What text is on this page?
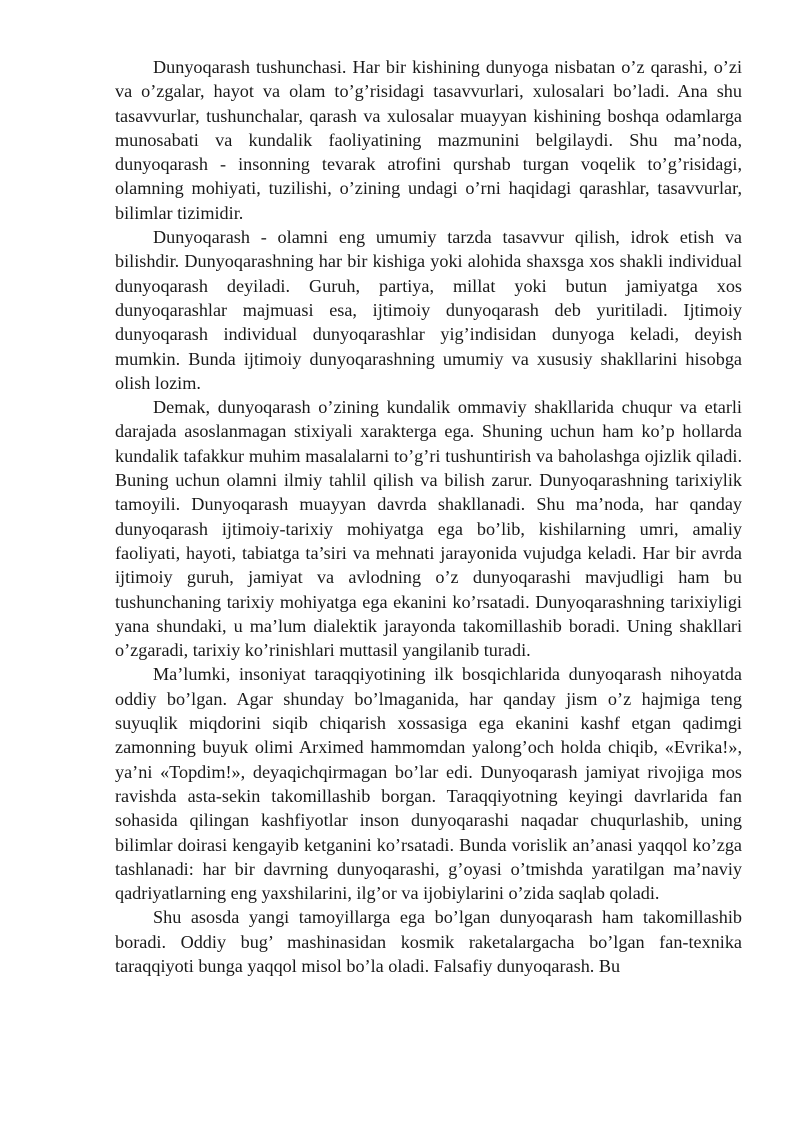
Dunyoqarash tushunchasi. Har bir kishining dunyoga nisbatan o’z qarashi, o’zi va o’zgalar, hayot va olam to’g’risidagi tasavvurlari, xulosalari bo’ladi. Ana shu tasavvurlar, tushunchalar, qarash va xulosalar muayyan kishining boshqa odamlarga munosabati va kundalik faoliyatining mazmunini belgilaydi. Shu ma’noda, dunyoqarash - insonning tevarak atrofini qurshab turgan voqelik to’g’risidagi, olamning mohiyati, tuzilishi, o’zining undagi o’rni haqidagi qarashlar, tasavvurlar, bilimlar tizimidir.

Dunyoqarash - olamni eng umumiy tarzda tasavvur qilish, idrok etish va bilishdir. Dunyoqarashning har bir kishiga yoki alohida shaxsga xos shakli individual dunyoqarash deyiladi. Guruh, partiya, millat yoki butun jamiyatga xos dunyoqarashlar majmuasi esa, ijtimoiy dunyoqarash deb yuritiladi. Ijtimoiy dunyoqarash individual dunyoqarashlar yig’indisidan dunyoga keladi, deyish mumkin. Bunda ijtimoiy dunyoqarashning umumiy va xususiy shakllarini hisobga olish lozim.

Demak, dunyoqarash o’zining kundalik ommaviy shakllarida chuqur va etarli darajada asoslanmagan stixiyali xarakterga ega. Shuning uchun ham ko’p hollarda kundalik tafakkur muhim masalalarni to’g’ri tushuntirish va baholashga ojizlik qiladi. Buning uchun olamni ilmiy tahlil qilish va bilish zarur. Dunyoqarashning tarixiylik tamoyili. Dunyoqarash muayyan davrda shakllanadi. Shu ma’noda, har qanday dunyoqarash ijtimoiy-tarixiy mohiyatga ega bo’lib, kishilarning umri, amaliy faoliyati, hayoti, tabiatga ta’siri va mehnati jarayonida vujudga keladi. Har bir avrda ijtimoiy guruh, jamiyat va avlodning o’z dunyoqarashi mavjudligi ham bu tushunchaning tarixiy mohiyatga ega ekanini ko’rsatadi. Dunyoqarashning tarixiyligi yana shundaki, u ma’lum dialektik jarayonda takomillashib boradi. Uning shakllari o’zgaradi, tarixiy ko’rinishlari muttasil yangilanib turadi.

Ma’lumki, insoniyat taraqqiyotining ilk bosqichlarida dunyoqarash nihoyatda oddiy bo’lgan. Agar shunday bo’lmaganida, har qanday jism o’z hajmiga teng suyuqlik miqdorini siqib chiqarish xossasiga ega ekanini kashf etgan qadimgi zamonning buyuk olimi Arximed hammomdan yalong’och holda chiqib, «Evrika!», ya’ni «Topdim!», deyaqichqirmagan bo’lar edi. Dunyoqarash jamiyat rivojiga mos ravishda asta-sekin takomillashib borgan. Taraqqiyotning keyingi davrlarida fan sohasida qilingan kashfiyotlar inson dunyoqarashi naqadar chuqurlashib, uning bilimlar doirasi kengayib ketganini ko’rsatadi. Bunda vorislik an’anasi yaqqol ko’zga tashlanadi: har bir davrning dunyoqarashi, g’oyasi o’tmishda yaratilgan ma’naviy qadriyatlarning eng yaxshilarini, ilg’or va ijobiylarini o’zida saqlab qoladi.

Shu asosda yangi tamoyillarga ega bo’lgan dunyoqarash ham takomillashib boradi. Oddiy bug’ mashinasidan kosmik raketalargacha bo’lgan fan-texnika taraqqiyoti bunga yaqqol misol bo’la oladi. Falsafiy dunyoqarash. Bu
